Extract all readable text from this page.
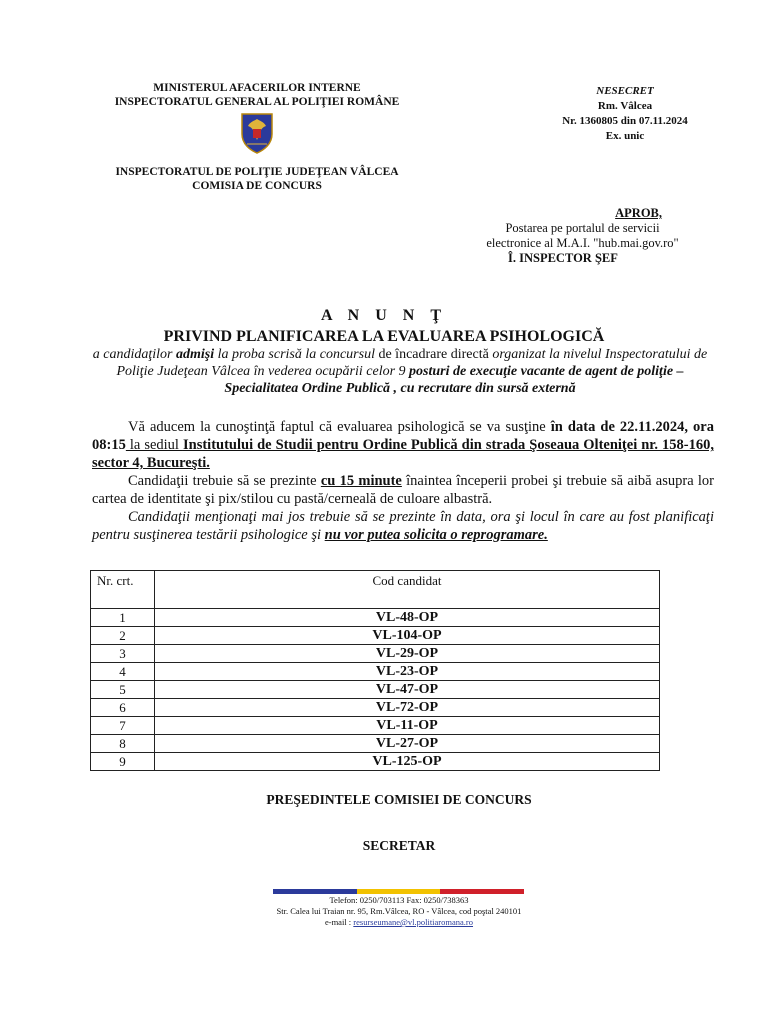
MINISTERUL AFACERILOR INTERNE
INSPECTORATUL GENERAL AL POLIŢIEI ROMÂNE
INSPECTORATUL DE POLIŢIE JUDEŢEAN VÂLCEA
COMISIA DE CONCURS
NESECRET
Rm. Vâlcea
Nr. 1360805 din 07.11.2024
Ex. unic
APROB,
Postarea pe portalul de servicii
electronice al M.A.I. "hub.mai.gov.ro"
Î. INSPECTOR ŞEF
A N U N Ţ
PRIVIND PLANIFICAREA LA EVALUAREA PSIHOLOGICĂ
a candidaţilor admişi la proba scrisă la concursul de încadrare directă organizat la nivelul Inspectoratului de Poliţie Judeţean Vâlcea în vederea ocupării celor 9 posturi de execuţie vacante de agent de poliţie – Specialitatea Ordine Publică , cu recrutare din sursă externă

Vă aducem la cunoştinţă faptul că evaluarea psihologică se va susţine în data de 22.11.2024, ora 08:15 la sediul Institutului de Studii pentru Ordine Publică din strada Şoseaua Olteniţei nr. 158-160, sector 4, Bucureşti.

Candidaţii trebuie să se prezinte cu 15 minute înaintea începerii probei şi trebuie să aibă asupra lor cartea de identitate şi pix/stilou cu pastă/cerneală de culoare albastră.

Candidaţii menţionaţi mai jos trebuie să se prezinte în data, ora şi locul în care au fost planificaţi pentru susţinerea testării psihologice şi nu vor putea solicita o reprogramare.

Nr. crt.	Cod candidat
1	VL-48-OP
2	VL-104-OP
3	VL-29-OP
4	VL-23-OP
5	VL-47-OP
6	VL-72-OP
7	VL-11-OP
8	VL-27-OP
9	VL-125-OP
PREŞEDINTELE COMISIEI DE CONCURS
SECRETAR
Telefon: 0250/703113 Fax: 0250/738363
Str. Calea lui Traian nr. 95, Rm.Vâlcea, RO - Vâlcea, cod poştal 240101
e-mail : resurseumane@vl.politiaromana.ro
